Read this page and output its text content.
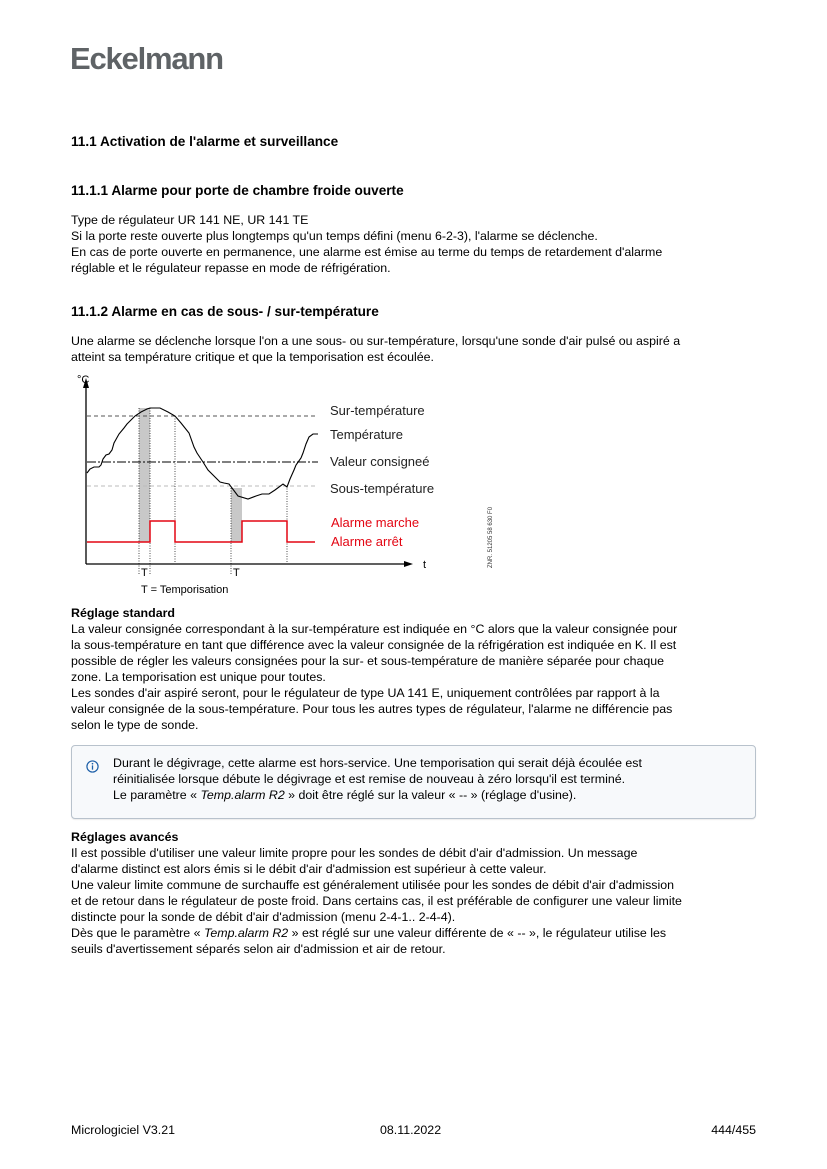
Eckelmann
11.1 Activation de l'alarme et surveillance
11.1.1 Alarme pour porte de chambre froide ouverte

Type de régulateur UR 141 NE, UR 141 TE

Si la porte reste ouverte plus longtemps qu'un temps défini (menu 6-2-3), l'alarme se déclenche.

En cas de porte ouverte en permanence, une alarme est émise au terme du temps de retardement d'alarme

réglable et le régulateur repasse en mode de réfrigération.

11.1.2 Alarme en cas de sous- / sur-température

Une alarme se déclenche lorsque l'on a une sous- ou sur-température, lorsqu'une sonde d'air pulsé ou aspiré a

atteint sa température critique et que la temporisation est écoulée.

°C
t
Sur-température
Température
Valeur consigneé
Sous-température
Alarme marche
Alarme arrêt
T	T
T = Temporisation
ZNR. 51205 58 630 F0

Réglage standard

La valeur consignée correspondant à la sur-température est indiquée en °C alors que la valeur consignée pour

la sous-température en tant que différence avec la valeur consignée de la réfrigération est indiquée en K. Il est

possible de régler les valeurs consignées pour la sur- et sous-température de manière séparée pour chaque

zone. La temporisation est unique pour toutes.

Les sondes d'air aspiré seront, pour le régulateur de type UA 141 E, uniquement contrôlées par rapport à la

valeur consignée de la sous-température. Pour tous les autres types de régulateur, l'alarme ne différencie pas

selon le type de sonde.

Durant le dégivrage, cette alarme est hors-service. Une temporisation qui serait déjà écoulée est

réinitialisée lorsque débute le dégivrage et est remise de nouveau à zéro lorsqu'il est terminé.

Le paramètre « Temp.alarm R2 » doit être réglé sur la valeur « -- » (réglage d'usine).

Réglages avancés

Il est possible d'utiliser une valeur limite propre pour les sondes de débit d'air d'admission. Un message

d'alarme distinct est alors émis si le débit d'air d'admission est supérieur à cette valeur.

Une valeur limite commune de surchauffe est généralement utilisée pour les sondes de débit d'air d'admission

et de retour dans le régulateur de poste froid. Dans certains cas, il est préférable de configurer une valeur limite

distincte pour la sonde de débit d'air d'admission (menu 2-4-1.. 2-4-4).

Dès que le paramètre « Temp.alarm R2 » est réglé sur une valeur différente de « -- », le régulateur utilise les

seuils d'avertissement séparés selon air d'admission et air de retour.

Micrologiciel V3.21	08.11.2022	444/455
